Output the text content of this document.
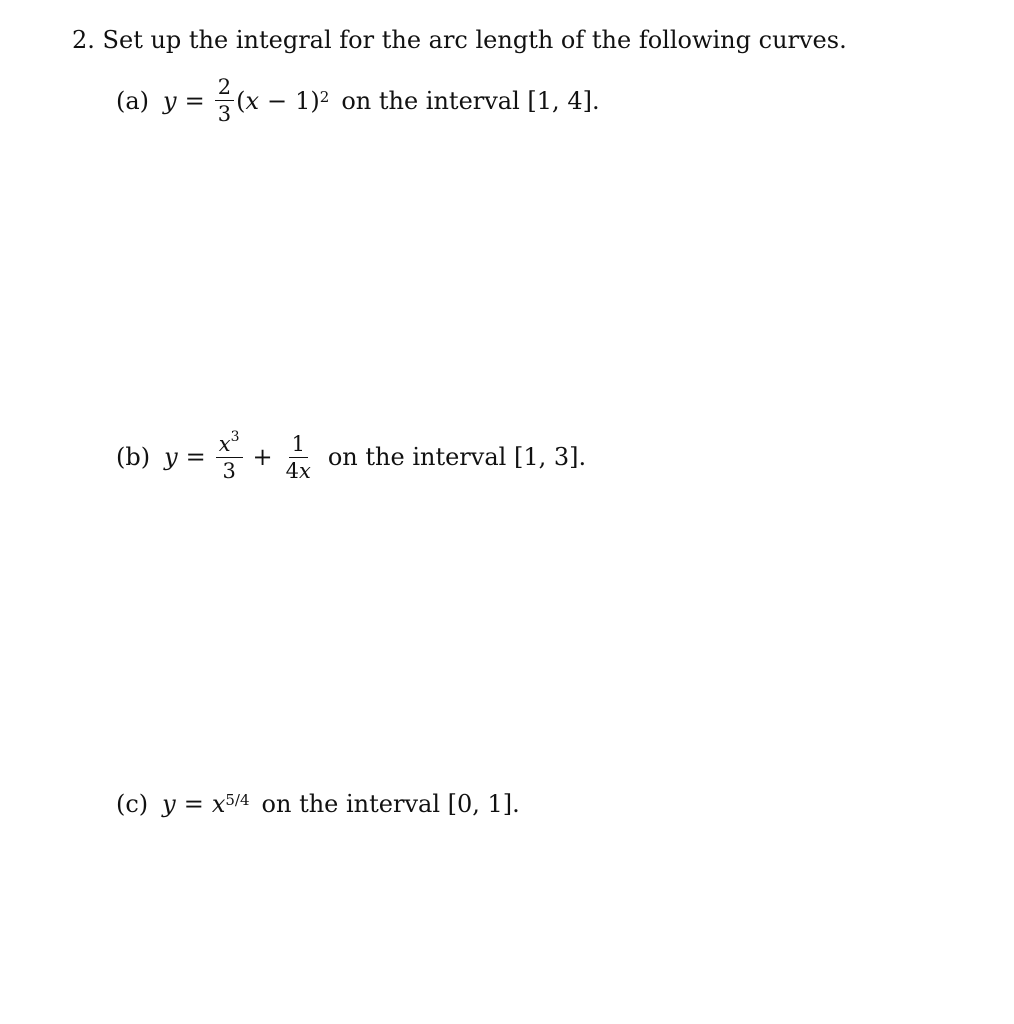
2. Set up the integral for the arc length of the following curves.
(a) $y = \frac{2}{3}$ ( x − 1 )$^2$ on the interval [1, 4].
(b) $y = \frac{x^3}{3} + \frac{1}{4x}$ on the interval [1, 3].
(c) $y = x^{5/4}$ on the interval [0, 1].
